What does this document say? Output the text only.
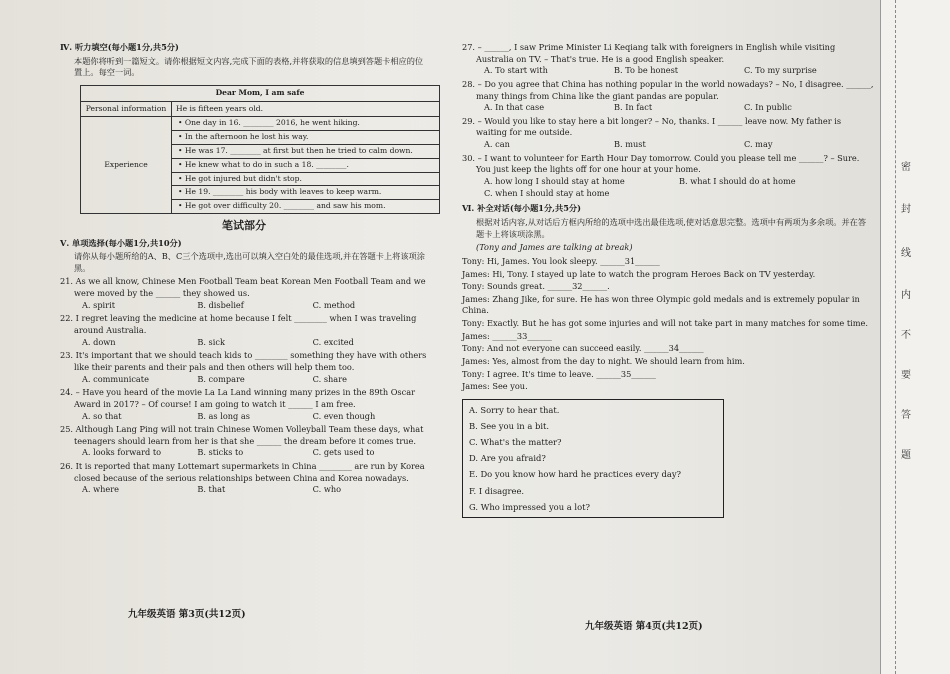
Ⅳ. 听力填空(每小题1分,共5分)
本题你将听到一篇短文。请你根据短文内容,完成下面的表格,并将获取的信息填到答题卡相应的位置上。每空一词。
Dear Mom, I am safe	
Personal information	He is fifteen years old.
Experience	• One day in 16. ________ 2016, he went hiking.
	• In the afternoon he lost his way.
	• He was 17. ________ at first but then he tried to calm down.
	• He knew what to do in such a 18. ________.
	• He got injured but didn't stop.
	• He 19. ________ his body with leaves to keep warm.
	• He got over difficulty 20. ________ and saw his mom.
笔试部分
Ⅴ. 单项选择(每小题1分,共10分)
请你从每小题所给的A、B、C三个选项中,选出可以填入空白处的最佳选项,并在答题卡上将该项涂黑。
21. As we all know, Chinese Men Football Team beat Korean Men Football Team and we were moved by the ______ they showed us.
A. spirit	B. disbelief	C. method
22. I regret leaving the medicine at home because I felt ________ when I was traveling around Australia.
A. down	B. sick	C. excited
23. It's important that we should teach kids to ________ something they have with others like their parents and their pals and then others will help them too.
A. communicate	B. compare	C. share
24. – Have you heard of the movie La La Land winning many prizes in the 89th Oscar Award in 2017? – Of course! I am going to watch it ______ I am free.
A. so that	B. as long as	C. even though
25. Although Lang Ping will not train Chinese Women Volleyball Team these days, what teenagers should learn from her is that she ______ the dream before it comes true.
A. looks forward to	B. sticks to	C. gets used to
26. It is reported that many Lottemart supermarkets in China ________ are run by Korea closed because of the serious relationships between China and Korea nowadays.
A. where	B. that	C. who
九年级英语 第3页(共12页)
27. – ______, I saw Prime Minister Li Keqiang talk with foreigners in English while visiting Australia on TV. – That's true. He is a good English speaker.
A. To start with	B. To be honest	C. To my surprise
28. – Do you agree that China has nothing popular in the world nowadays? – No, I disagree. ______, many things from China like the giant pandas are popular.
A. In that case	B. In fact	C. In public
29. – Would you like to stay here a bit longer? – No, thanks. I ______ leave now. My father is waiting for me outside.
A. can	B. must	C. may
30. – I want to volunteer for Earth Hour Day tomorrow. Could you please tell me ______? – Sure. You just keep the lights off for one hour at your home.
A. how long I should stay at home	B. what I should do at home
C. when I should stay at home
Ⅵ. 补全对话(每小题1分,共5分)
根据对话内容,从对话后方框内所给的选项中选出最佳选项,使对话意思完整。选项中有两项为多余项。并在答题卡上将该项涂黑。
(Tony and James are talking at break)
Tony: Hi, James. You look sleepy. ______31______
James: Hi, Tony. I stayed up late to watch the program Heroes Back on TV yesterday.
Tony: Sounds great. ______32______.
James: Zhang Jike, for sure. He has won three Olympic gold medals and is extremely popular in China.
Tony: Exactly. But he has got some injuries and will not take part in many matches for some time.
James: ______33______
Tony: And not everyone can succeed easily. ______34______
James: Yes, almost from the day to night. We should learn from him.
Tony: I agree. It's time to leave. ______35______
James: See you.
A. Sorry to hear that.
B. See you in a bit.
C. What's the matter?
D. Are you afraid?
E. Do you know how hard he practices every day?
F. I disagree.
G. Who impressed you a lot?
九年级英语 第4页(共12页)
密
封
线
内
不
要
答
题
